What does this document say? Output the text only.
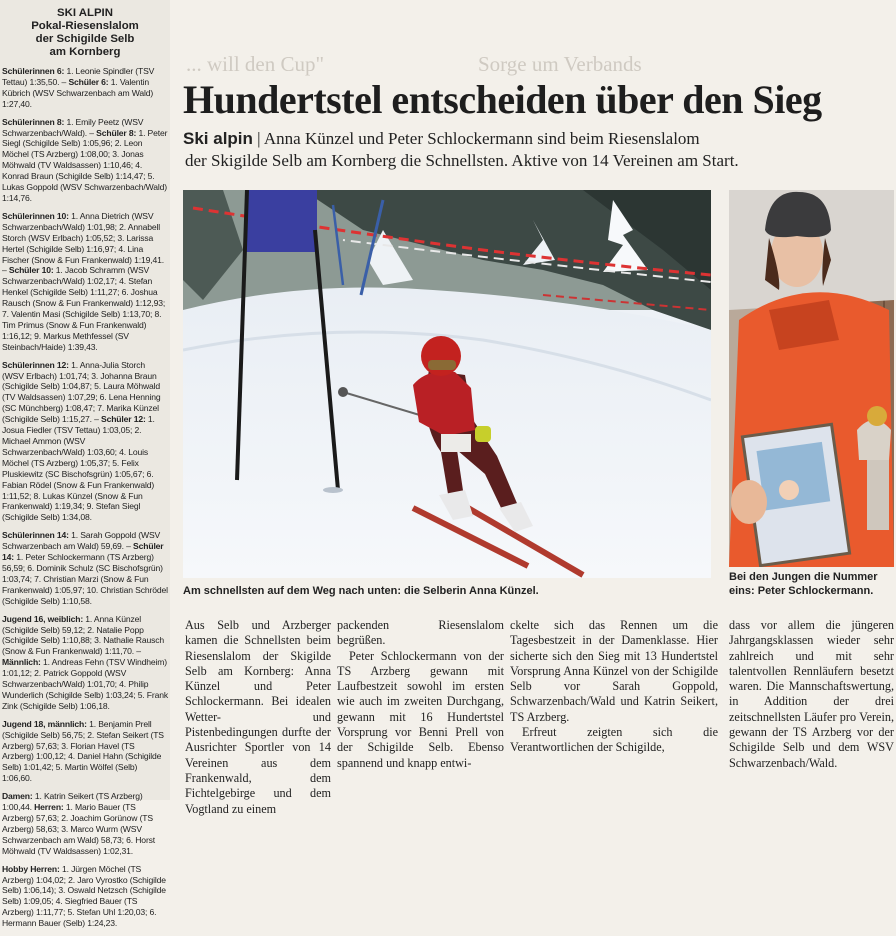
SKI ALPIN
Pokal-Riesenslalom
der Schigilde Selb
am Kornberg

Schülerinnen 6: 1. Leonie Spindler (TSV Tettau) 1:35,50. – Schüler 6: 1. Valentin Kübrich (WSV Schwarzenbach am Wald) 1:27,40.

Schülerinnen 8: 1. Emily Peetz (WSV Schwarzenbach/Wald). – Schüler 8: 1. Peter Siegl (Schigilde Selb) 1:05,96; 2. Leon Möchel (TS Arzberg) 1:08,00; 3. Jonas Möhwald (TV Waldsassen) 1:10,46; 4. Konrad Braun (Schigilde Selb) 1:14,47; 5. Lukas Goppold (WSV Schwarzenbach/Wald) 1:14,76.

Schülerinnen 10: 1. Anna Dietrich (WSV Schwarzenbach/Wald) 1:01,98; 2. Annabell Storch (WSV Erlbach) 1:05,52; 3. Larissa Hertel (Schigilde Selb) 1:16,97; 4. Lina Fischer (Snow & Fun Frankenwald) 1:19,41. – Schüler 10: 1. Jacob Schramm (WSV Schwarzenbach/Wald) 1:02,17; 4. Stefan Henkel (Schigilde Selb) 1:11,27; 6. Joshua Rausch (Snow & Fun Frankenwald) 1:12,93; 7. Valentin Masi (Schigilde Selb) 1:13,70; 8. Tim Primus (Snow & Fun Frankenwald) 1:16,12; 9. Markus Methfessel (SV Steinbach/Haide) 1:39,43.

Schülerinnen 12: 1. Anna-Julia Storch (WSV Erlbach) 1:01,74; 3. Johanna Braun (Schigilde Selb) 1:04,87; 5. Laura Möhwald (TV Waldsassen) 1:07,29; 6. Lena Henning (SC Münchberg) 1:08,47; 7. Marika Künzel (Schigilde Selb) 1:15,27. – Schüler 12: 1. Josua Fiedler (TSV Tettau) 1:03,05; 2. Michael Ammon (WSV Schwarzenbach/Wald) 1:03,60; 4. Louis Möchel (TS Arzberg) 1:05,37; 5. Felix Pluskiewitz (SC Bischofsgrün) 1:05,67; 6. Fabian Rödel (Snow & Fun Frankenwald) 1:11,52; 8. Lukas Künzel (Snow & Fun Frankenwald) 1:19,34; 9. Stefan Siegl (Schigilde Selb) 1:34,08.

Schülerinnen 14: 1. Sarah Goppold (WSV Schwarzenbach am Wald) 59,69. – Schüler 14: 1. Peter Schlockermann (TS Arzberg) 56,59; 6. Dominik Schulz (SC Bischofsgrün) 1:03,74; 7. Christian Marzi (Snow & Fun Frankenwald) 1:05,97; 10. Christian Schrödel (Schigilde Selb) 1:10,58.

Jugend 16, weiblich: 1. Anna Künzel (Schigilde Selb) 59,12; 2. Natalie Popp (Schigilde Selb) 1:10,88; 3. Nathalie Rausch (Snow & Fun Frankenwald) 1:11,70. – Männlich: 1. Andreas Fehn (TSV Windheim) 1:01,12; 2. Patrick Goppold (WSV Schwarzenbach/Wald) 1:01,70; 4. Philip Wunderlich (Schigilde Selb) 1:03,24; 5. Frank Zink (Schigilde Selb) 1:06,18.

Jugend 18, männlich: 1. Benjamin Prell (Schigilde Selb) 56,75; 2. Stefan Seikert (TS Arzberg) 57,63; 3. Florian Havel (TS Arzberg) 1:00,12; 4. Daniel Hahn (Schigilde Selb) 1:01,42; 5. Martin Wölfel (Selb) 1:06,60.

Damen: 1. Katrin Seikert (TS Arzberg) 1:00,44. Herren: 1. Mario Bauer (TS Arzberg) 57,63; 2. Joachim Gorünow (TS Arzberg) 58,63; 3. Marco Wurm (WSV Schwarzenbach am Wald) 58,73; 6. Horst Möhwald (TV Waldsassen) 1:02,31.

Hobby Herren: 1. Jürgen Möchel (TS Arzberg) 1:04,02; 2. Jaro Vyrostko (Schigilde Selb) 1:06,14); 3. Oswald Netzsch (Schigilde Selb) 1:09,05; 4. Siegfried Bauer (TS Arzberg) 1:11,77; 5. Stefan Uhl 1:20,03; 6. Hermann Bauer (Selb) 1:24,23.

... will den Cup"	Sorge um Verbands
Hundertstel entscheiden über den Sieg
Ski alpin | Anna Künzel und Peter Schlockermann sind beim Riesenslalom
der Skigilde Selb am Kornberg die Schnellsten. Aktive von 14 Vereinen am Start.
Am schnellsten auf dem Weg nach unten: die Selberin Anna Künzel.
Bei den Jungen die Nummer eins: Peter Schlockermann.

Aus Selb und Arzberger kamen die Schnellsten beim Riesenslalom der Skigilde Selb am Kornberg: Anna Künzel und Peter Schlockermann. Bei idealen Wetter- und Pistenbedingungen durfte der Ausrichter Sportler von 14 Vereinen aus dem Frankenwald, dem Fichtelgebirge und dem Vogtland zu einem

packenden Riesenslalom begrüßen.

Peter Schlockermann von der TS Arzberg gewann mit Laufbestzeit sowohl im ersten wie auch im zweiten Durchgang, gewann mit 16 Hundertstel Vorsprung vor Benni Prell von der Schigilde Selb. Ebenso spannend und knapp entwi-

ckelte sich das Rennen um die Tagesbestzeit in der Damenklasse. Hier sicherte sich den Sieg mit 13 Hundertstel Vorsprung Anna Künzel von der Schigilde Selb vor Sarah Goppold, Schwarzenbach/Wald und Katrin Seikert, TS Arzberg.

Erfreut zeigten sich die Verantwortlichen der Schigilde,

dass vor allem die jüngeren Jahrgangsklassen wieder sehr zahlreich und mit sehr talentvollen Rennläufern besetzt waren. Die Mannschaftswertung, in Addition der drei zeitschnellsten Läufer pro Verein, gewann der TS Arzberg vor der Schigilde Selb und dem WSV Schwarzenbach/Wald.
